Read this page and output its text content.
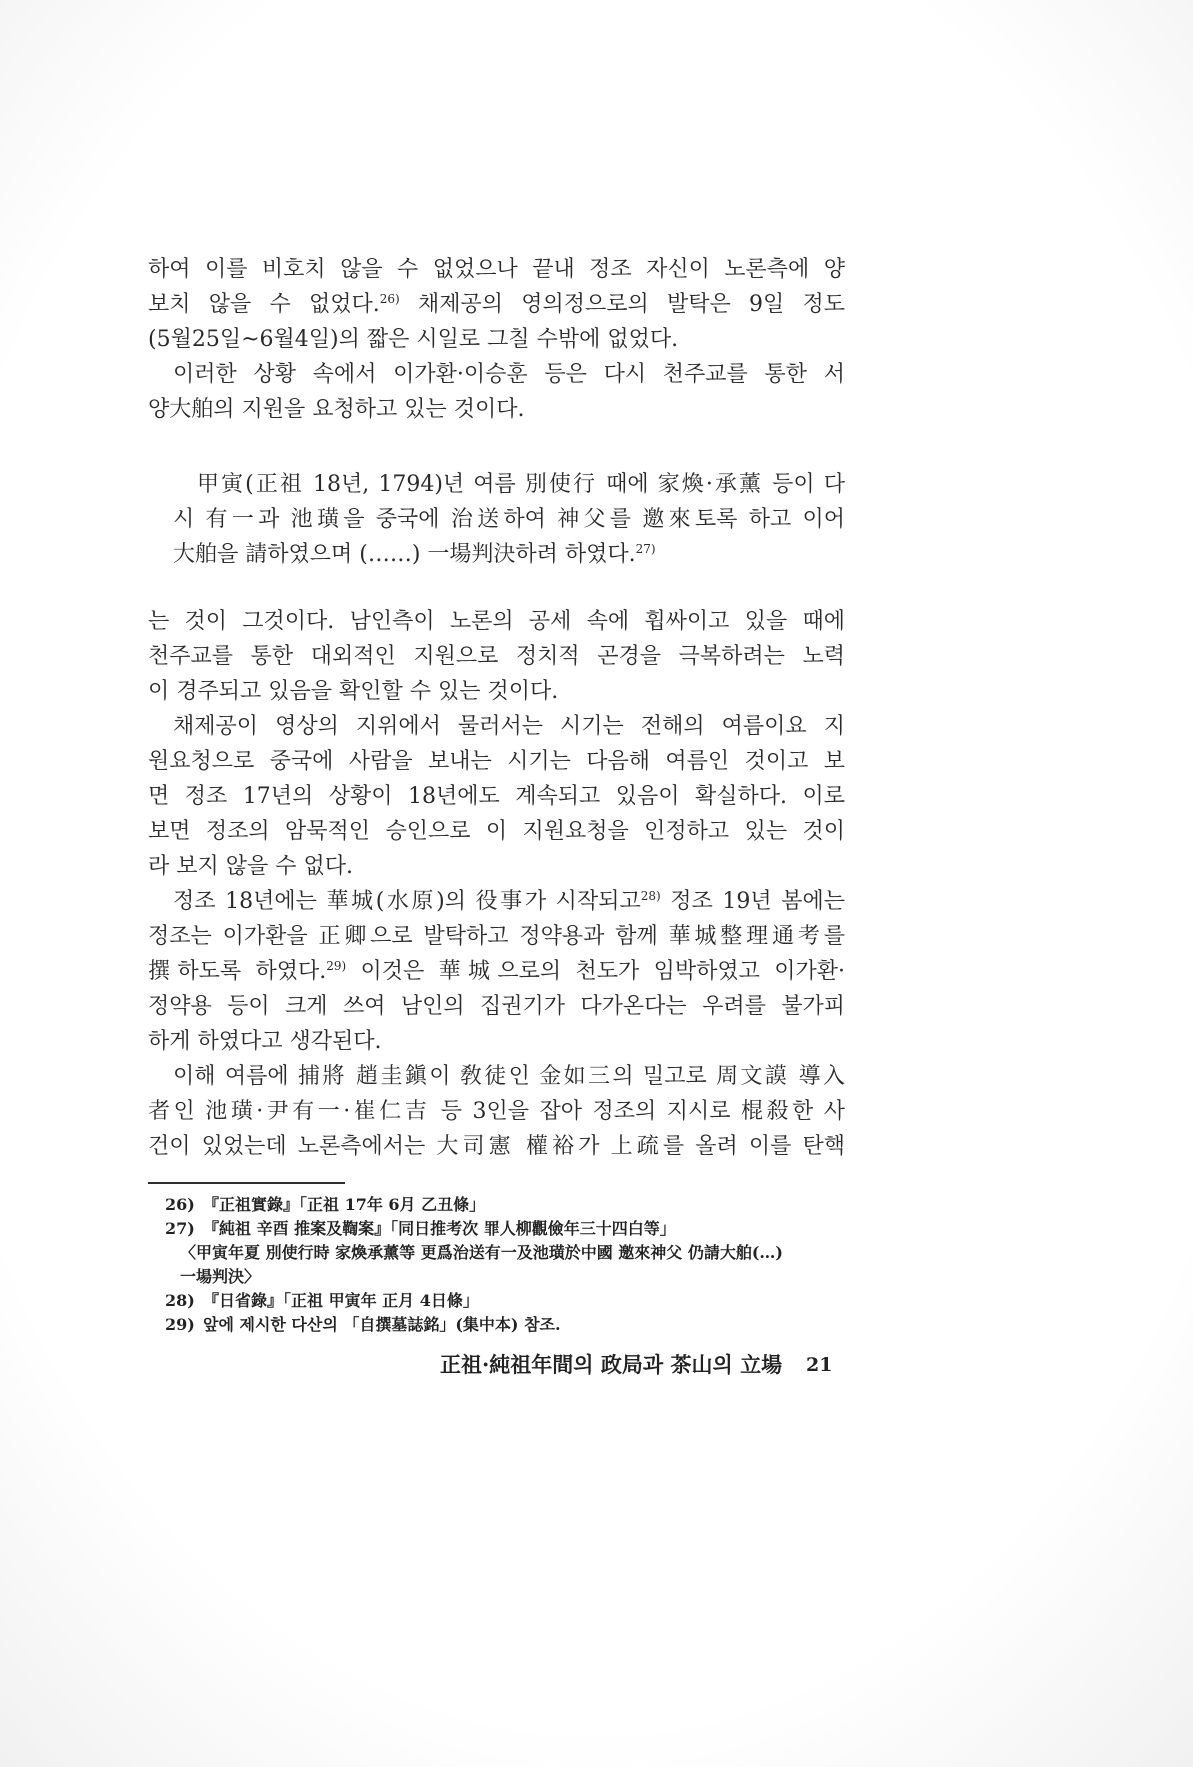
하여 이를 비호치 않을 수 없었으나 끝내 정조 자신이 노론측에 양
보치 않을 수 없었다.$^{26)}$ 채제공의 영의정으로의 발탁은 9일 정도
(5월25일~6월4일)의 짧은 시일로 그칠 수밖에 없었다.
이러한 상황 속에서 이가환·이승훈 등은 다시 천주교를 통한 서
양大舶의 지원을 요청하고 있는 것이다.
甲寅(正祖 18년, 1794)년 여름 別使行 때에 家煥·承薰 등이 다
시 有一과 池璜을 중국에 治送하여 神父를 邀來토록 하고 이어
大舶을 請하였으며 (……) 一場判決하려 하였다.$^{27)}$
는 것이 그것이다. 남인측이 노론의 공세 속에 휩싸이고 있을 때에
천주교를 통한 대외적인 지원으로 정치적 곤경을 극복하려는 노력
이 경주되고 있음을 확인할 수 있는 것이다.
채제공이 영상의 지위에서 물러서는 시기는 전해의 여름이요 지
원요청으로 중국에 사람을 보내는 시기는 다음해 여름인 것이고 보
면 정조 17년의 상황이 18년에도 계속되고 있음이 확실하다. 이로
보면 정조의 암묵적인 승인으로 이 지원요청을 인정하고 있는 것이
라 보지 않을 수 없다.
정조 18년에는 華城(水原)의 役事가 시작되고$^{28)}$ 정조 19년 봄에는
정조는 이가환을 正卿으로 발탁하고 정약용과 함께 華城整理通考를
撰하도록 하였다.$^{29)}$ 이것은 華城으로의 천도가 임박하였고 이가환·
정약용 등이 크게 쓰여 남인의 집권기가 다가온다는 우려를 불가피
하게 하였다고 생각된다.
이해 여름에 捕將 趙圭鎭이 敎徒인 金如三의 밀고로 周文謨 導入
者인 池璜·尹有一·崔仁吉 등 3인을 잡아 정조의 지시로 棍殺한 사
건이 있었는데 노론측에서는 大司憲 權裕가 上疏를 올려 이를 탄핵
26) 『正祖實錄』「正祖 17年 6月 乙丑條」
27) 『純祖 辛酉 推案及鞫案』「同日推考次 罪人柳觀儉年三十四白等」
〈甲寅年夏 別使行時 家煥承薰等 更爲治送有一及池璜於中國 邀來神父 仍請大舶(…)
一場判決〉
28) 『日省錄』「正祖 甲寅年 正月 4日條」
29) 앞에 제시한 다산의 「自撰墓誌銘」(集中本) 참조.
正祖·純祖年間의 政局과 茶山의 立場 21
